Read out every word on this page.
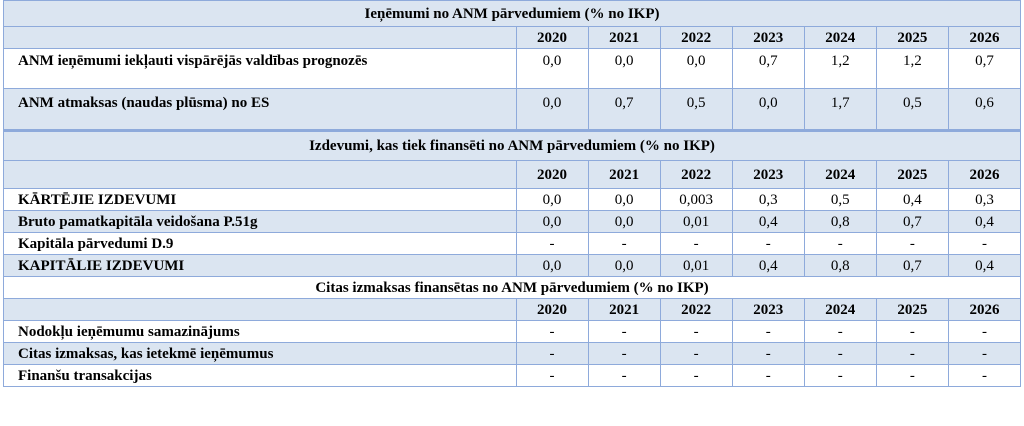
Ieņēmumi no ANM pārvedumiem (% no IKP)							
	2020	2021	2022	2023	2024	2025	2026
ANM ieņēmumi iekļauti vispārējās valdības prognozēs	0,0	0,0	0,0	0,7	1,2	1,2	0,7
ANM atmaksas (naudas plūsma) no ES	0,0	0,7	0,5	0,0	1,7	0,5	0,6
Izdevumi, kas tiek finansēti no ANM pārvedumiem (% no IKP)							
	2020	2021	2022	2023	2024	2025	2026
KĀRTĒJIE IZDEVUMI	0,0	0,0	0,003	0,3	0,5	0,4	0,3
Bruto pamatkapitāla veidošana P.51g	0,0	0,0	0,01	0,4	0,8	0,7	0,4
Kapitāla pārvedumi D.9	-	-	-	-	-	-	-
KAPITĀLIE IZDEVUMI	0,0	0,0	0,01	0,4	0,8	0,7	0,4
Citas izmaksas finansētas no ANM pārvedumiem (% no IKP)							
	2020	2021	2022	2023	2024	2025	2026
Nodokļu ieņēmumu samazinājums	-	-	-	-	-	-	-
Citas izmaksas, kas ietekmē ieņēmumus	-	-	-	-	-	-	-
Finanšu transakcijas	-	-	-	-	-	-	-
